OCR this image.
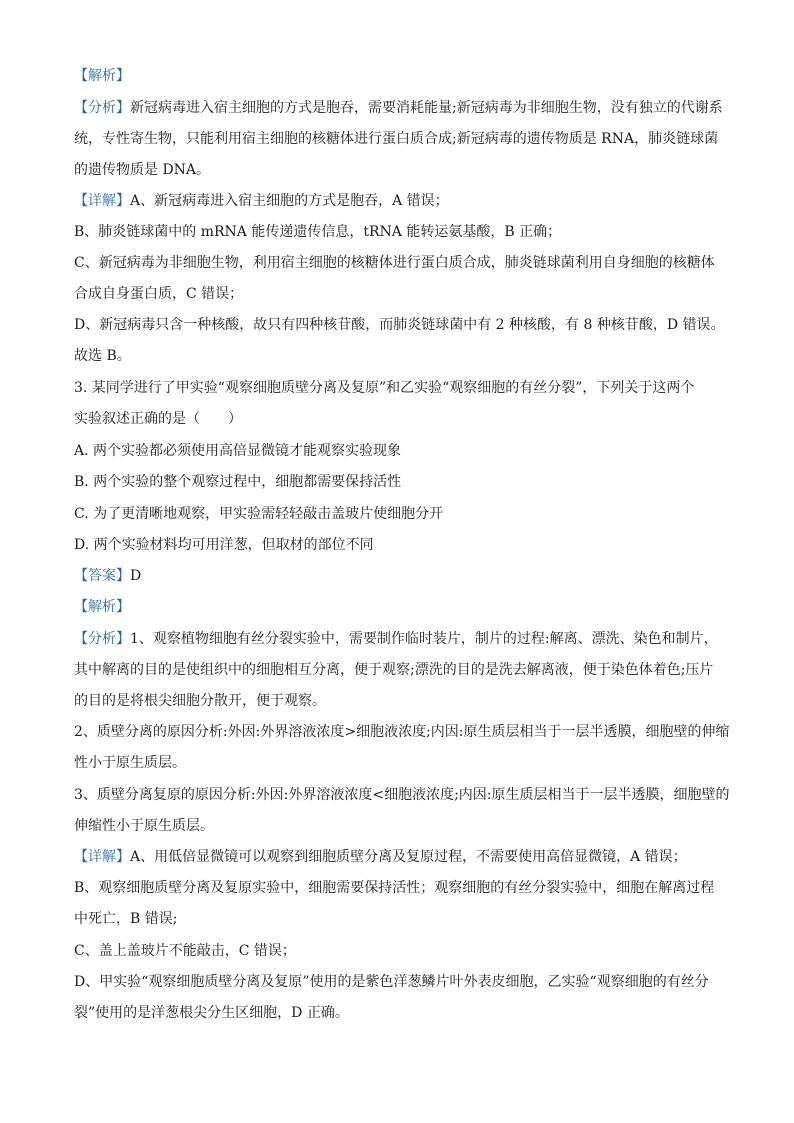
【解析】
【分析】新冠病毒进入宿主细胞的方式是胞吞，需要消耗能量;新冠病毒为非细胞生物，没有独立的代谢系
统，专性寄生物，只能利用宿主细胞的核糖体进行蛋白质合成;新冠病毒的遗传物质是 RNA，肺炎链球菌
的遗传物质是 DNA。
【详解】A、新冠病毒进入宿主细胞的方式是胞吞，A 错误；
B、肺炎链球菌中的 mRNA 能传递遗传信息，tRNA 能转运氨基酸，B 正确；
C、新冠病毒为非细胞生物，利用宿主细胞的核糖体进行蛋白质合成，肺炎链球菌利用自身细胞的核糖体
合成自身蛋白质，C 错误；
D、新冠病毒只含一种核酸，故只有四种核苷酸，而肺炎链球菌中有 2 种核酸，有 8 种核苷酸，D 错误。
故选 B。
3. 某同学进行了甲实验“观察细胞质壁分离及复原”和乙实验“观察细胞的有丝分裂”，下列关于这两个
实验叙述正确的是（　　）
A. 两个实验都必须使用高倍显微镜才能观察实验现象
B. 两个实验的整个观察过程中，细胞都需要保持活性
C. 为了更清晰地观察，甲实验需轻轻敲击盖玻片使细胞分开
D. 两个实验材料均可用洋葱，但取材的部位不同
【答案】D
【解析】
【分析】1、观察植物细胞有丝分裂实验中，需要制作临时装片，制片的过程:解离、漂洗、染色和制片，
其中解离的目的是使组织中的细胞相互分离，便于观察;漂洗的目的是洗去解离液，便于染色体着色;压片
的目的是将根尖细胞分散开，便于观察。
2、质壁分离的原因分析:外因:外界溶液浓度>细胞液浓度;内因:原生质层相当于一层半透膜，细胞壁的伸缩
性小于原生质层。
3、质壁分离复原的原因分析:外因:外界溶液浓度<细胞液浓度;内因:原生质层相当于一层半透膜，细胞壁的
伸缩性小于原生质层。
【详解】A、用低倍显微镜可以观察到细胞质壁分离及复原过程，不需要使用高倍显微镜，A 错误；
B、观察细胞质壁分离及复原实验中，细胞需要保持活性；观察细胞的有丝分裂实验中，细胞在解离过程
中死亡，B 错误;
C、盖上盖玻片不能敲击，C 错误；
D、甲实验“观察细胞质壁分离及复原”使用的是紫色洋葱鳞片叶外表皮细胞，乙实验“观察细胞的有丝分
裂”使用的是洋葱根尖分生区细胞，D 正确。
